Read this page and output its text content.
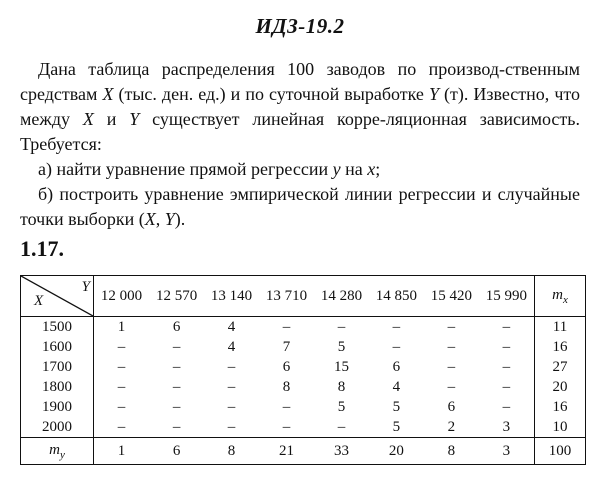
ИДЗ-19.2

Дана таблица распределения 100 заводов по производ-ственным средствам X (тыс. ден. ед.) и по суточной выработке Y (т). Известно, что между X и Y существует линейная корре-ляционная зависимость. Требуется:

а) найти уравнение прямой регрессии y на x;

б) построить уравнение эмпирической линии регрессии и случайные точки выборки (X, Y).

1.17.
Y
X	12 000	12 570	13 140	13 710	14 280	14 850	15 420	15 990	$m_x$
1500	1	6	4	–	–	–	–	–	11
1600	–	–	4	7	5	–	–	–	16
1700	–	–	–	6	15	6	–	–	27
1800	–	–	–	8	8	4	–	–	20
1900	–	–	–	–	5	5	6	–	16
2000	–	–	–	–	–	5	2	3	10
$m_y$	1	6	8	21	33	20	8	3	100
